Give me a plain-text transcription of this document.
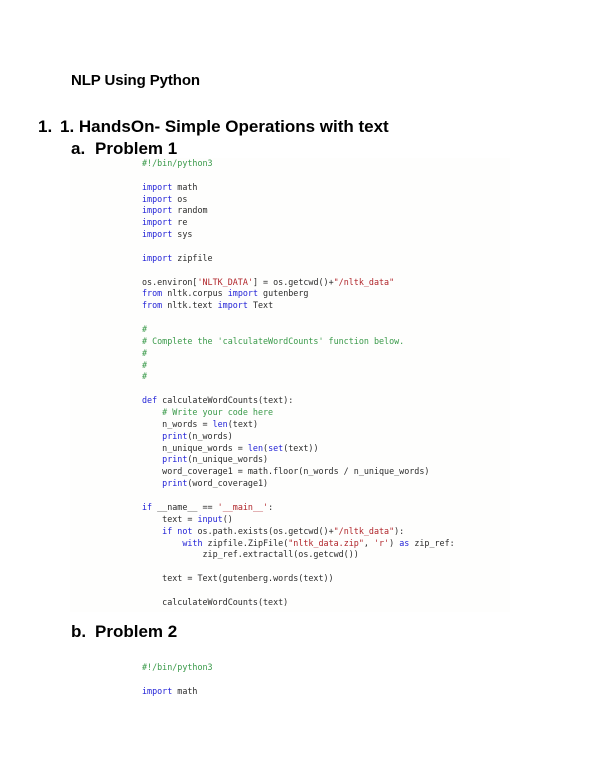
NLP Using Python
1. 1. HandsOn- Simple Operations with text
a. Problem 1
#!/bin/python3

import math
import os
import random
import re
import sys

import zipfile

os.environ['NLTK_DATA'] = os.getcwd()+"/nltk_data"
from nltk.corpus import gutenberg
from nltk.text import Text

#
# Complete the 'calculateWordCounts' function below.
#
#
#

def calculateWordCounts(text):
# Write your code here
n_words = len(text)
print(n_words)
n_unique_words = len(set(text))
print(n_unique_words)
word_coverage1 = math.floor(n_words / n_unique_words)
print(word_coverage1)

if __name__ == '__main__':
text = input()
if not os.path.exists(os.getcwd()+"/nltk_data"):
with zipfile.ZipFile("nltk_data.zip", 'r') as zip_ref:
zip_ref.extractall(os.getcwd())

text = Text(gutenberg.words(text))

calculateWordCounts(text)
b. Problem 2
#!/bin/python3

import math
